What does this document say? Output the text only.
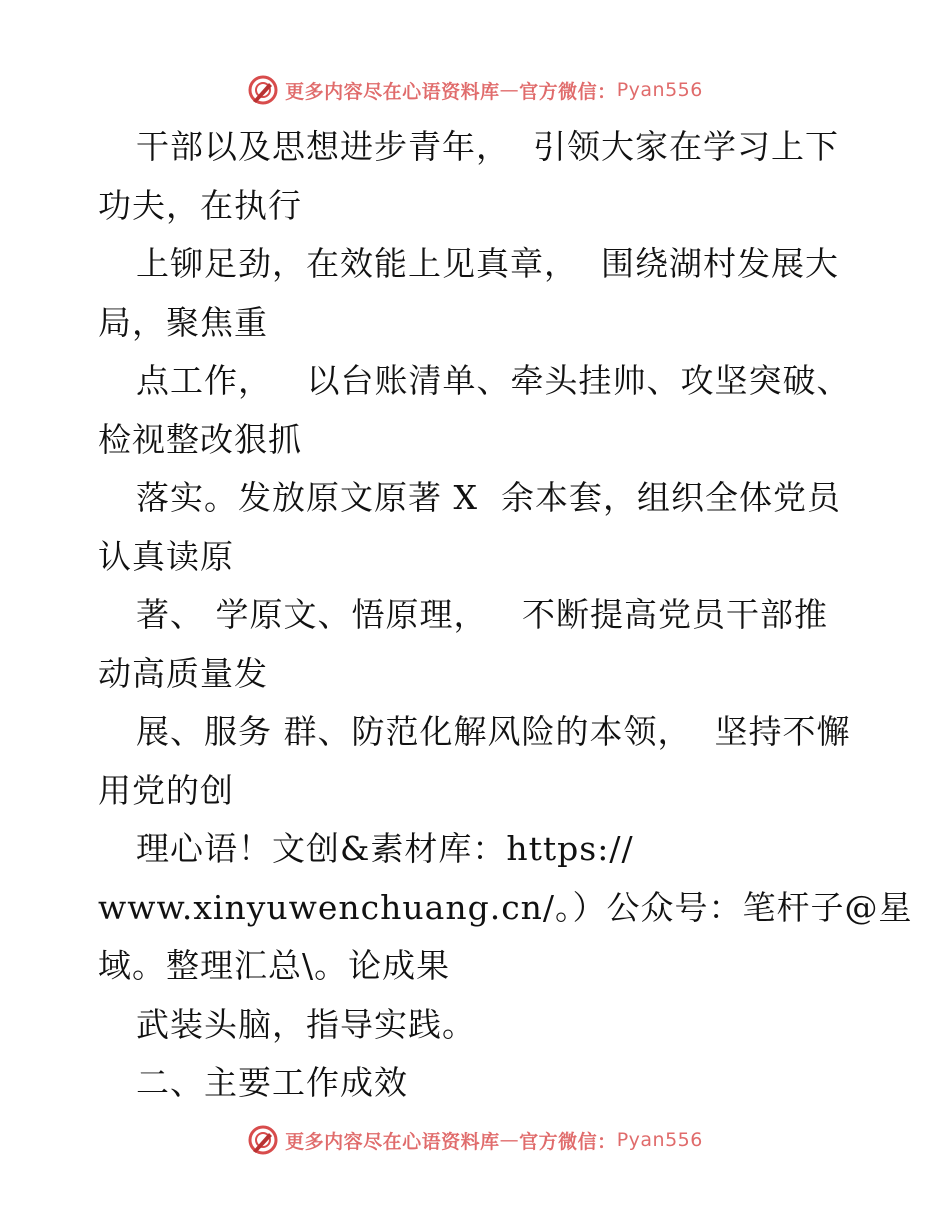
更多内容尽在心语资料库 — 官方微信： Pyan556
干部以及思想进步青年，  引领大家在学习上下
功夫，在执行
上铆足劲，在效能上见真章，  围绕湖村发展大
局，聚焦重
点工作，   以台账清单、牵头挂帅、攻坚突破、
检视整改狠抓
落实。发放原文原著 X  余本套，组织全体党员
认真读原
著、 学原文、悟原理，   不断提高党员干部推
动高质量发
展、服务 群、防范化解风险的本领，  坚持不懈
用党的创
理心语！文创&素材库：https://
www.xinyuwenchuang.cn/。）公众号：笔杆子@星
域。整理汇总\。论成果
武装头脑，指导实践。
二、主要工作成效
更多内容尽在心语资料库 — 官方微信： Pyan556
